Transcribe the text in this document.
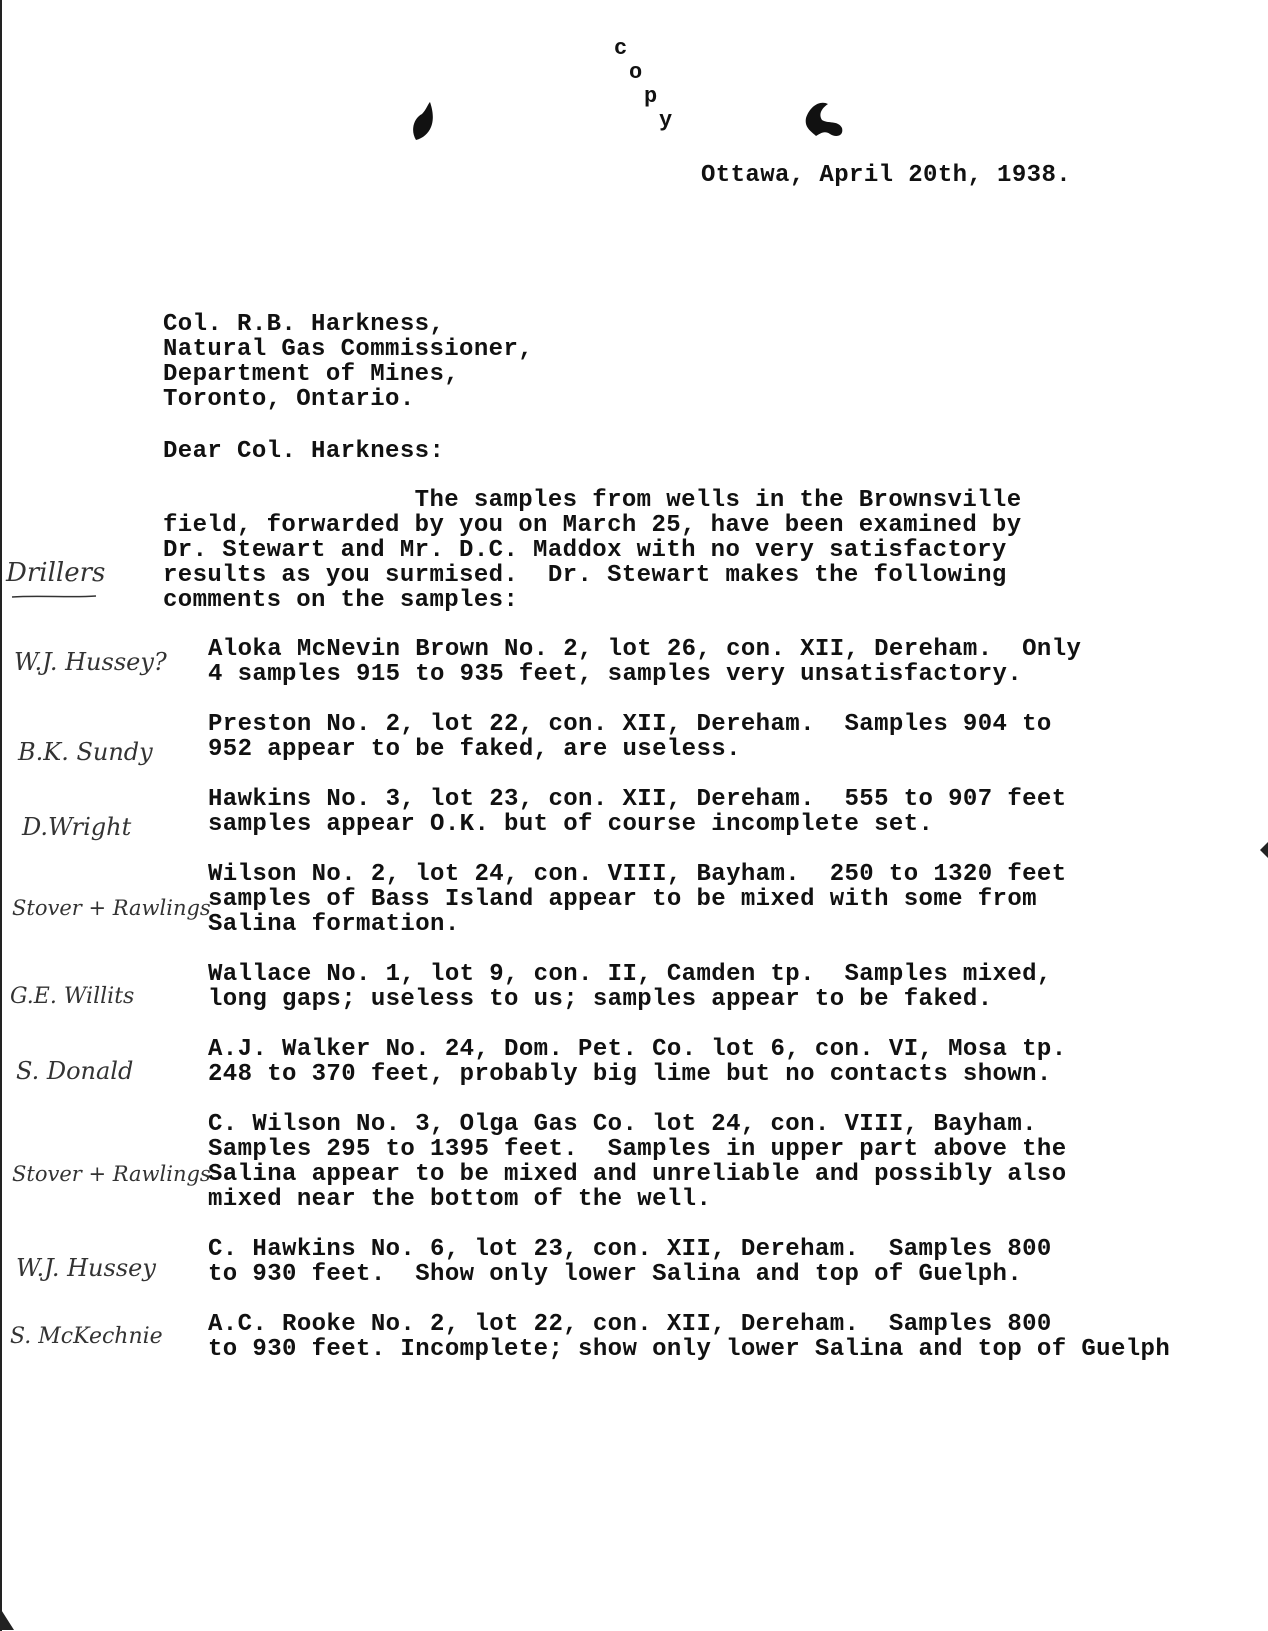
c
o
p
y
Ottawa, April 20th, 1938.
Col. R.B. Harkness,
Natural Gas Commissioner,
Department of Mines,
Toronto, Ontario.
Dear Col. Harkness:
The samples from wells in the Brownsville
field, forwarded by you on March 25, have been examined by
Dr. Stewart and Mr. D.C. Maddox with no very satisfactory
results as you surmised.  Dr. Stewart makes the following
comments on the samples:
Drillers
W.J. Hussey? Aloka McNevin Brown No. 2, lot 26, con. XII, Dereham.  Only
4 samples 915 to 935 feet, samples very unsatisfactory.
B.K. Sundy
Preston No. 2, lot 22, con. XII, Dereham.  Samples 904 to
952 appear to be faked, are useless.
D.Wright
Hawkins No. 3, lot 23, con. XII, Dereham.  555 to 907 feet
samples appear O.K. but of course incomplete set.
Stover + Rawlings
Wilson No. 2, lot 24, con. VIII, Bayham.  250 to 1320 feet
samples of Bass Island appear to be mixed with some from
Salina formation.
G.E. Willits
Wallace No. 1, lot 9, con. II, Camden tp.  Samples mixed,
long gaps; useless to us; samples appear to be faked.
S. Donald
A.J. Walker No. 24, Dom. Pet. Co. lot 6, con. VI, Mosa tp.
248 to 370 feet, probably big lime but no contacts shown.
Stover + Rawlings
C. Wilson No. 3, Olga Gas Co. lot 24, con. VIII, Bayham.
Samples 295 to 1395 feet.  Samples in upper part above the
Salina appear to be mixed and unreliable and possibly also
mixed near the bottom of the well.
W.J. Hussey
C. Hawkins No. 6, lot 23, con. XII, Dereham.  Samples 800
to 930 feet.  Show only lower Salina and top of Guelph.
S. McKechnie A.C. Rooke No. 2, lot 22, con. XII, Dereham.  Samples 800
to 930 feet. Incomplete; show only lower Salina and top of Guelph
